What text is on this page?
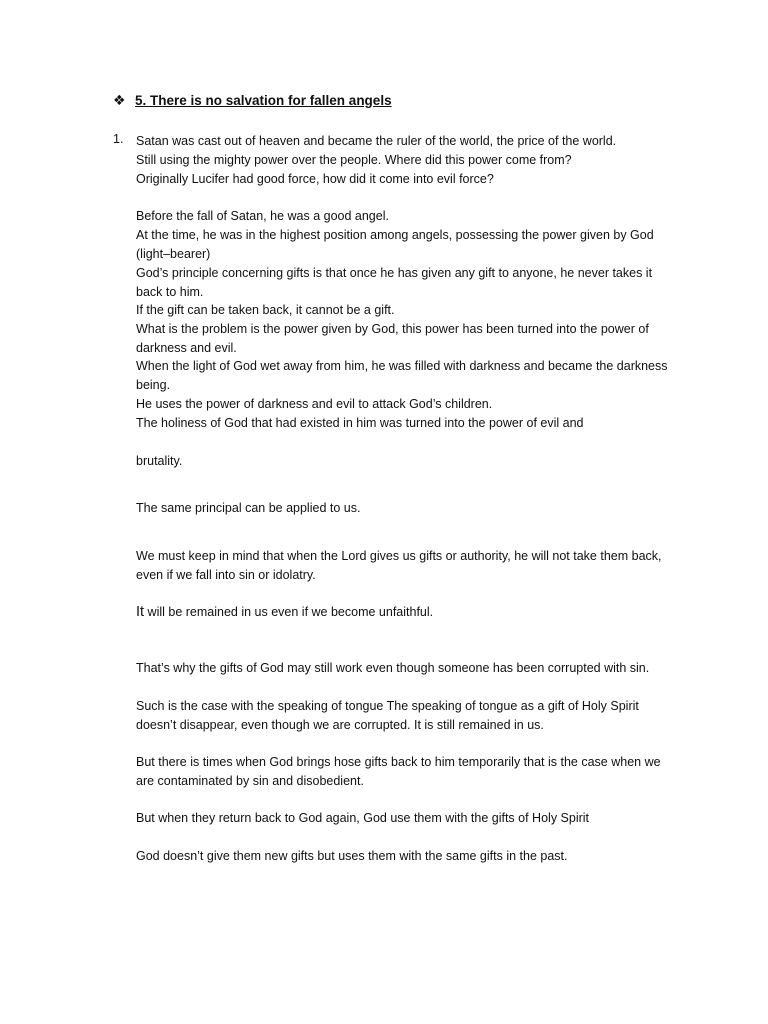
❖ 5. There is no salvation for fallen angels
1. Satan was cast out of heaven and became the ruler of the world, the price of the world.
Still using the mighty power over the people. Where did this power come from?
Originally Lucifer had good force, how did it come into evil force?
Before the fall of Satan, he was a good angel.
At the time, he was in the highest position among angels, possessing the power given by God
(light–bearer)
God’s principle concerning gifts is that once he has given any gift to anyone, he never takes it
back to him.
If the gift can be taken back, it cannot be a gift.
What is the problem is the power given by God, this power has been turned into the power of
darkness and evil.
When the light of God wet away from him, he was filled with darkness and became the darkness
being.
He uses the power of darkness and evil to attack God’s children.
The holiness of God that had existed in him was turned into the power of evil and
brutality.
The same principal can be applied to us.
We must keep in mind that when the Lord gives us gifts or authority, he will not take them back,
even if we fall into sin or idolatry.
It will be remained in us even if we become unfaithful.
That’s why the gifts of God may still work even though someone has been corrupted with sin.
Such is the case with the speaking of tongue The speaking of tongue as a gift of Holy Spirit
doesn’t disappear, even though we are corrupted. It is still remained in us.
But there is times when God brings hose gifts back to him temporarily that is the case when we
are contaminated by sin and disobedient.
But when they return back to God again, God use them with the gifts of Holy Spirit
God doesn’t give them new gifts but uses them with the same gifts in the past.
